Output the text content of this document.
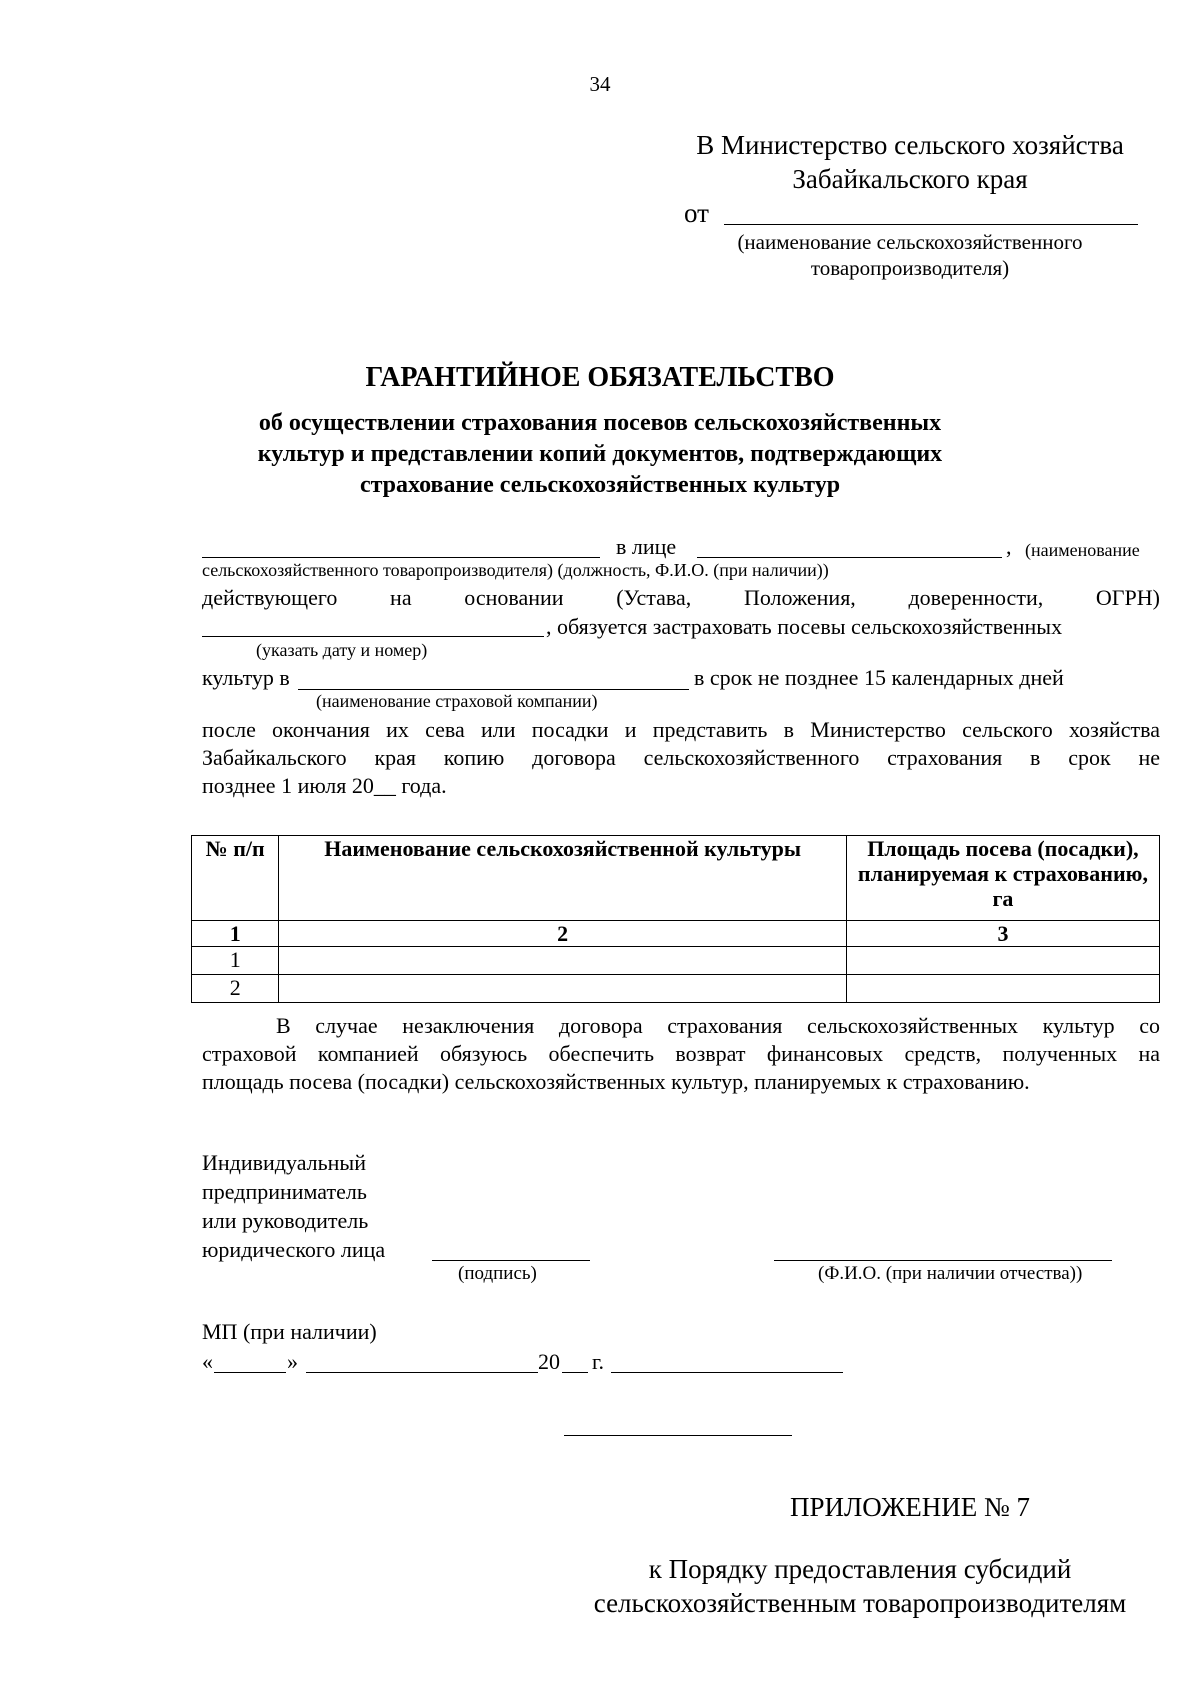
34
В Министерство сельского хозяйства
Забайкальского края
от
(наименование сельскохозяйственного
товаропроизводителя)
ГАРАНТИЙНОЕ ОБЯЗАТЕЛЬСТВО
об осуществлении страхования посевов сельскохозяйственных
культур и представлении копий документов, подтверждающих
страхование сельскохозяйственных культур
в лице	, (наименование
сельскохозяйственного товаропроизводителя) (должность, Ф.И.О. (при наличии))
действующего на основании (Устава, Положения, доверенности, ОГРН)
, обязуется застраховать посевы сельскохозяйственных
(указать дату и номер)
культур в	в срок не позднее 15 календарных дней
(наименование страховой компании)
после окончания их сева или посадки и представить в Министерство сельского хозяйства
Забайкальского края копию договора сельскохозяйственного страхования в срок не
позднее 1 июля 20__ года.
№ п/п	Наименование сельскохозяйственной культуры	Площадь посева (посадки), планируемая к страхованию, га
1	2	3
1		
2		
В случае незаключения договора страхования сельскохозяйственных культур со
страховой компанией обязуюсь обеспечить возврат финансовых средств, полученных на
площадь посева (посадки) сельскохозяйственных культур, планируемых к страхованию.
Индивидуальный
предприниматель
или руководитель
юридического лица
(подпись)	(Ф.И.О. (при наличии отчества))
МП (при наличии)
«	»	20 г.
ПРИЛОЖЕНИЕ № 7
к Порядку предоставления субсидий
сельскохозяйственным товаропроизводителям
